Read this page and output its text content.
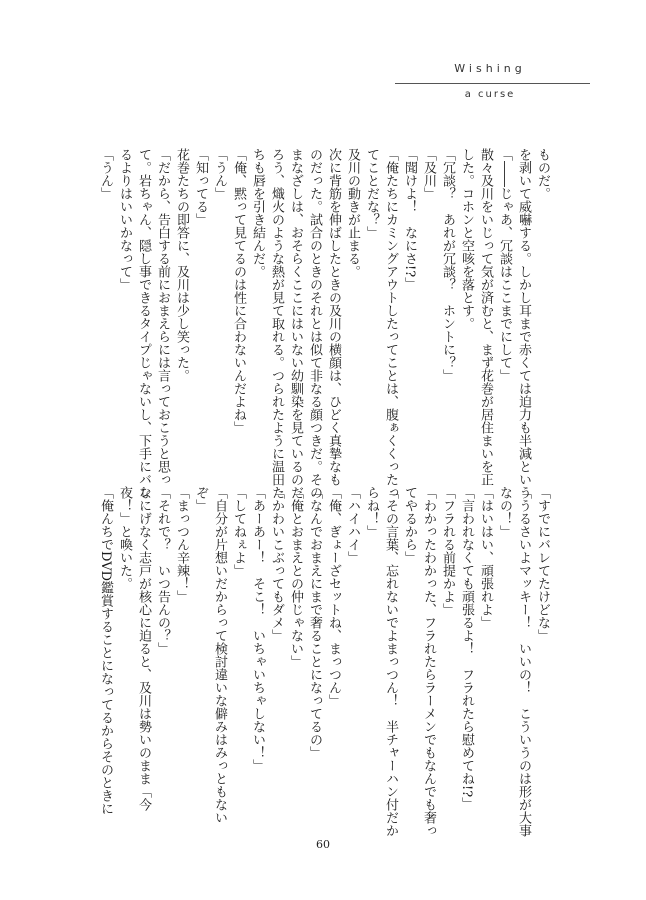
Wishing
a curse
ものだ。
を剥いて威嚇する。しかし耳まで赤くては迫力も半減という
「――じゃあ、冗談はここまでにして」
散々及川をいじって気が済むと、まず花巻が居住まいを正
した。コホンと空咳を落とす。
「冗談？　あれが冗談？　ホントに？」
「及川」
「聞けよ！　なにさ!?」
「俺たちにカミングアウトしたってことは、腹ぁくくったっ
てことだな？」
及川の動きが止まる。
次に背筋を伸ばしたときの及川の横顔は、ひどく真摯なも
のだった。試合のときのそれとは似て非なる顔つきだ。その
まなざしは、おそらくここにはいない幼馴染を見ているのだ
ろう、熾火のような熱が見て取れる。つられたように温田た
ちも唇を引き結んだ。
「俺、黙って見てるのは性に合わないんだよね」
「うん」
「知ってる」
花巻たちの即答に、及川は少し笑った。
「だから、告白する前におまえらには言っておこうと思っ
て。岩ちゃん、隠し事できるタイプじゃないし、下手にバレ
るよりはいいかなって」
「うん」
「すでにバレてたけどな」
「うるさいよマッキー！　いいの！　こういうのは形が大事
なの！」
「はいはい、頑張れよ」
「言われなくても頑張るよ！　フラれたら慰めてね!?」
「フラれる前提かよ」
「わかったわかった、フラれたらラーメンでもなんでも奢っ
てやるから」
「その言葉、忘れないでよまっつん！　半チャーハン付だか
らね！」
「ハイハイ」
「俺、ぎょーざセットね、まっつん」
「なんでおまえにまで奢ることになってるの」
「俺とおまえとの仲じゃない」
「かわいこぶってもダメ」
「あーあー！　そこ！　いちゃいちゃしない！」
「してねぇよ」
「自分が片想いだからって検討違いな僻みはみっともない
ぞ」
「まっつん辛辣！」
「それで？　いつ告んの？」
なにげなく志戸が核心に迫ると、及川は勢いのまま「今
夜！」と喚いた。
「俺んちでDVD鑑賞することになってるからそのときに
60
